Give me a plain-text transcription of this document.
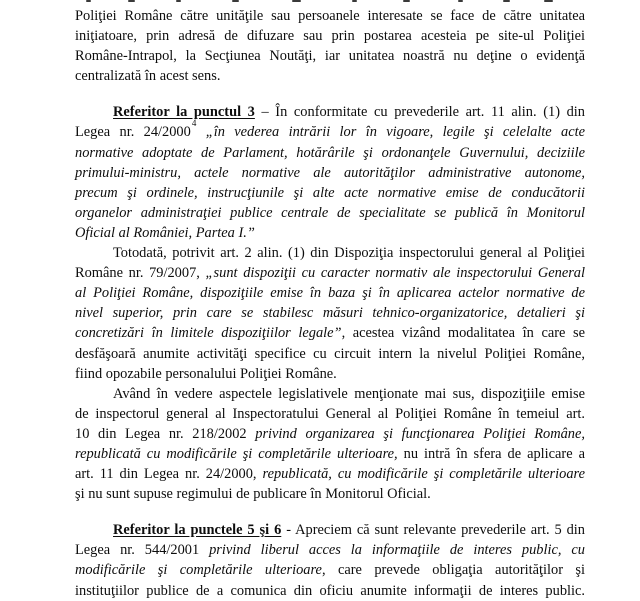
Poliţiei Române către unităţile sau persoanele interesate se face de către unitatea
iniţiatoare, prin adresă de difuzare sau prin postarea acesteia pe site-ul Poliţiei
Române-Intrapol, la Secţiunea Noutăţi, iar unitatea noastră nu deţine o evidenţă
centralizată în acest sens.
Referitor la punctul 3 – În conformitate cu prevederile art. 11 alin. (1) din
Legea nr. 24/2000$^4$ „în vederea intrării lor în vigoare, legile şi celelalte acte
normative adoptate de Parlament, hotărârile şi ordonanţele Guvernului, deciziile
primului-ministru, actele normative ale autorităţilor administrative autonome,
precum şi ordinele, instrucţiunile şi alte acte normative emise de conducătorii
organelor administraţiei publice centrale de specialitate se publică în Monitorul
Oficial al României, Partea I.”
Totodată, potrivit art. 2 alin. (1) din Dispoziţia inspectorului general al Poliţiei
Române nr. 79/2007, „sunt dispoziţii cu caracter normativ ale inspectorului General
al Poliţiei Române, dispoziţiile emise în baza şi în aplicarea actelor normative de
nivel superior, prin care se stabilesc măsuri tehnico-organizatorice, detalieri şi
concretizări în limitele dispoziţiilor legale”, acestea vizând modalitatea în care se
desfăşoară anumite activităţi specifice cu circuit intern la nivelul Poliţiei Române,
fiind opozabile personalului Poliţiei Române.
Având în vedere aspectele legislativele menţionate mai sus, dispoziţiile emise
de inspectorul general al Inspectoratului General al Poliţiei Române în temeiul art.
10 din Legea nr. 218/2002 privind organizarea şi funcţionarea Poliţiei Române,
republicată cu modificările şi completările ulterioare, nu intră în sfera de aplicare a
art. 11 din Legea nr. 24/2000, republicată, cu modificările şi completările ulterioare
şi nu sunt supuse regimului de publicare în Monitorul Oficial.
Referitor la punctele 5 şi 6 - Apreciem că sunt relevante prevederile art. 5 din
Legea nr. 544/2001 privind liberul acces la informaţiile de interes public, cu
modificările şi completările ulterioare, care prevede obligaţia autorităţilor şi
instituţiilor publice de a comunica din oficiu anumite informaţii de interes public.
